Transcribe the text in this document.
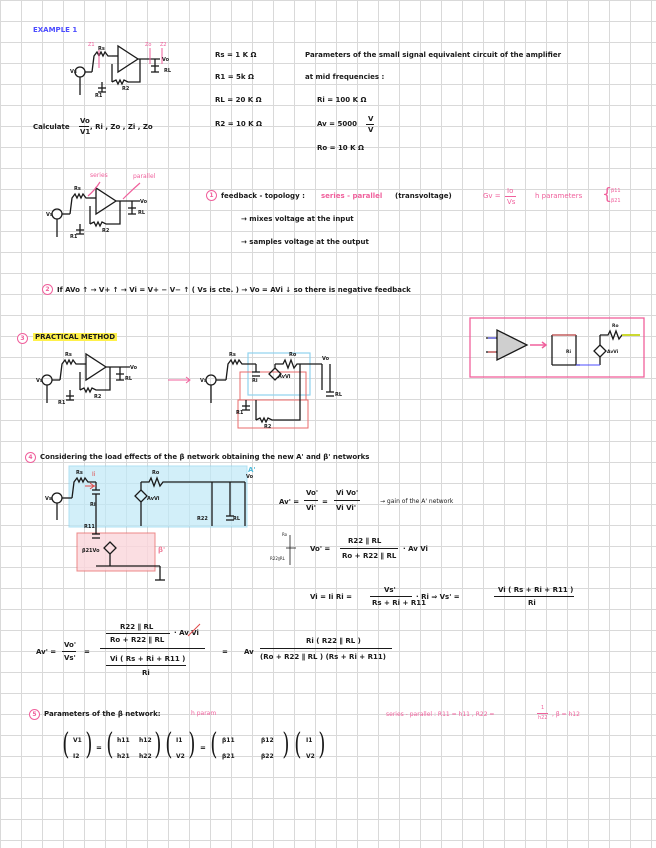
EXAMPLE 1
Vs
Rs
R1
R2
RL
Vo
Z1	Zo Z2
Rs = 1 K Ω
R1 = 5k Ω
RL = 20 K Ω
R2 = 10 K Ω
Parameters of the small signal equivalent circuit of the amplifier
at mid frequencies :
Ri = 100 K Ω
Av = 5000
V
V
Ro = 10 K Ω
Calculate
Vo
V1
, Ri , Zo , Zi , Zo
Vs
Rs
R1
R2
RL
Vo
series	parallel
1	feedback - topology : series - parallel (transvoltage)	Gv =
Io
Vs
h parameters {
β11
β21
→ mixes voltage at the input
→ samples voltage at the output
2	If AVo ↑ → V+ ↑ → Vi = V+ − V− ↑ ( Vs is cte. ) → Vo = AVi ↓ so there is negative feedback
3	PRACTICAL METHOD
Ri	AvVi
Ro
Vs
Rs
R1
R2
RL
Vo
Vs
Rs
Ri
AvVi
Ro
RL
Vo
R1
R2
4	Considering the load effects of the β network obtaining the new A' and β' networks
Vs
Rs
Ri
AvVi
Ro
R22	RL
Vo
R11
β21Vo
Ii
A'
β'
Av' =
Vo'
Vi'
=
Vi Vo'
Vi Vi'
→ gain of the A' network
Ro
R22∥RL
Vo' =
R22 ∥ RL
Ro + R22 ∥ RL
· Av Vi
Vi = Ii Ri =
Vs'
Rs + Ri + R11
· Ri ⇒ Vs' =
Vi ( Rs + Ri + R11 )
Ri
Av' =
Vo'
Vs'
=
R22 ∥ RL
Ro + R22 ∥ RL
· Av Vi
Vi ( Rs + Ri + R11 )
Ri
= Av
Ri ( R22 ∥ RL )
(Ro + R22 ∥ RL ) (Rs + Ri + R11)
5	Parameters of the β network:	h param	series - parallel : R11 = h11 , R22 =
1
h22 , β = h12
( V1
I2 ) = ( h11 h12
h21 h22 ) ( I1
V2 ) = ( β11	β12
β21	β22 ) ( I1
V2 )
